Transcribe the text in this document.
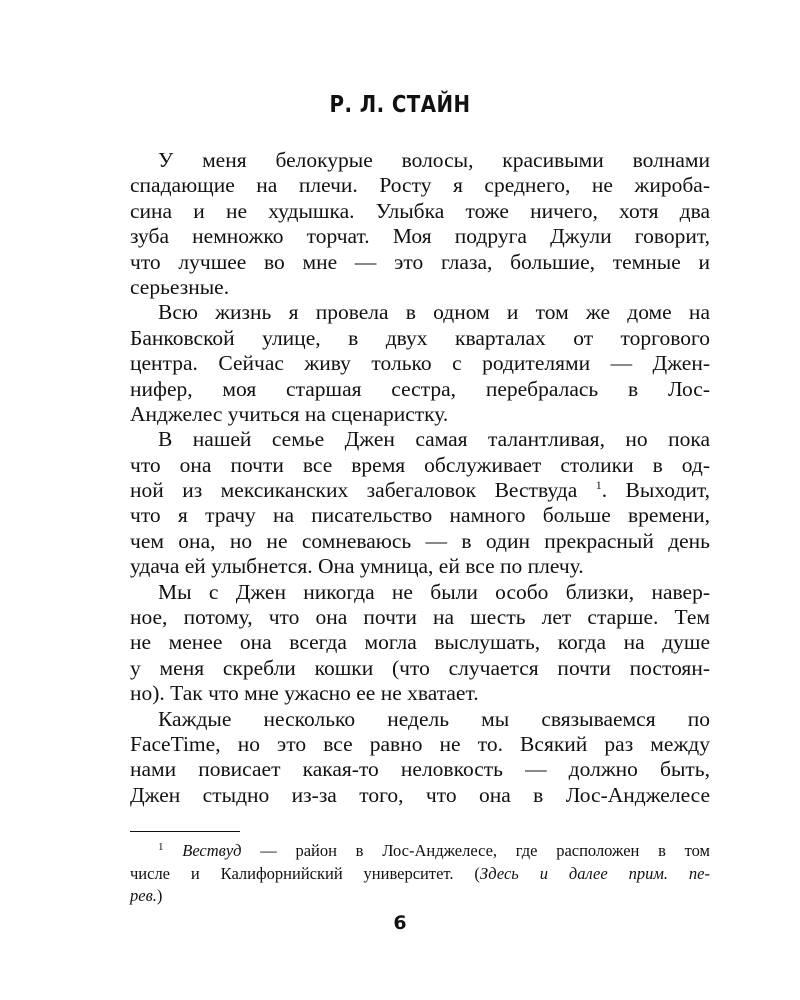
Р. Л. СТАЙН
У меня белокурые волосы, красивыми волнами
спадающие на плечи. Росту я среднего, не жироба-
сина и не худышка. Улыбка тоже ничего, хотя два
зуба немножко торчат. Моя подруга Джули говорит,
что лучшее во мне — это глаза, большие, темные и
серьезные.
Всю жизнь я провела в одном и том же доме на
Банковской улице, в двух кварталах от торгового
центра. Сейчас живу только с родителями — Джен-
нифер, моя старшая сестра, перебралась в Лос-
Анджелес учиться на сценаристку.
В нашей семье Джен самая талантливая, но пока
что она почти все время обслуживает столики в од-
ной из мексиканских забегаловок Вествуда $^1$. Выходит,
что я трачу на писательство намного больше времени,
чем она, но не сомневаюсь — в один прекрасный день
удача ей улыбнется. Она умница, ей все по плечу.
Мы с Джен никогда не были особо близки, навер-
ное, потому, что она почти на шесть лет старше. Тем
не менее она всегда могла выслушать, когда на душе
у меня скребли кошки (что случается почти постоян-
но). Так что мне ужасно ее не хватает.
Каждые несколько недель мы связываемся по
FaceTime, но это все равно не то. Всякий раз между
нами повисает какая-то неловкость — должно быть,
Джен стыдно из-за того, что она в Лос-Анджелесе
$^1$ Вествуд — район в Лос-Анджелесе, где расположен в том
числе и Калифорнийский университет. (Здесь и далее прим. пе-
рев.)
6
